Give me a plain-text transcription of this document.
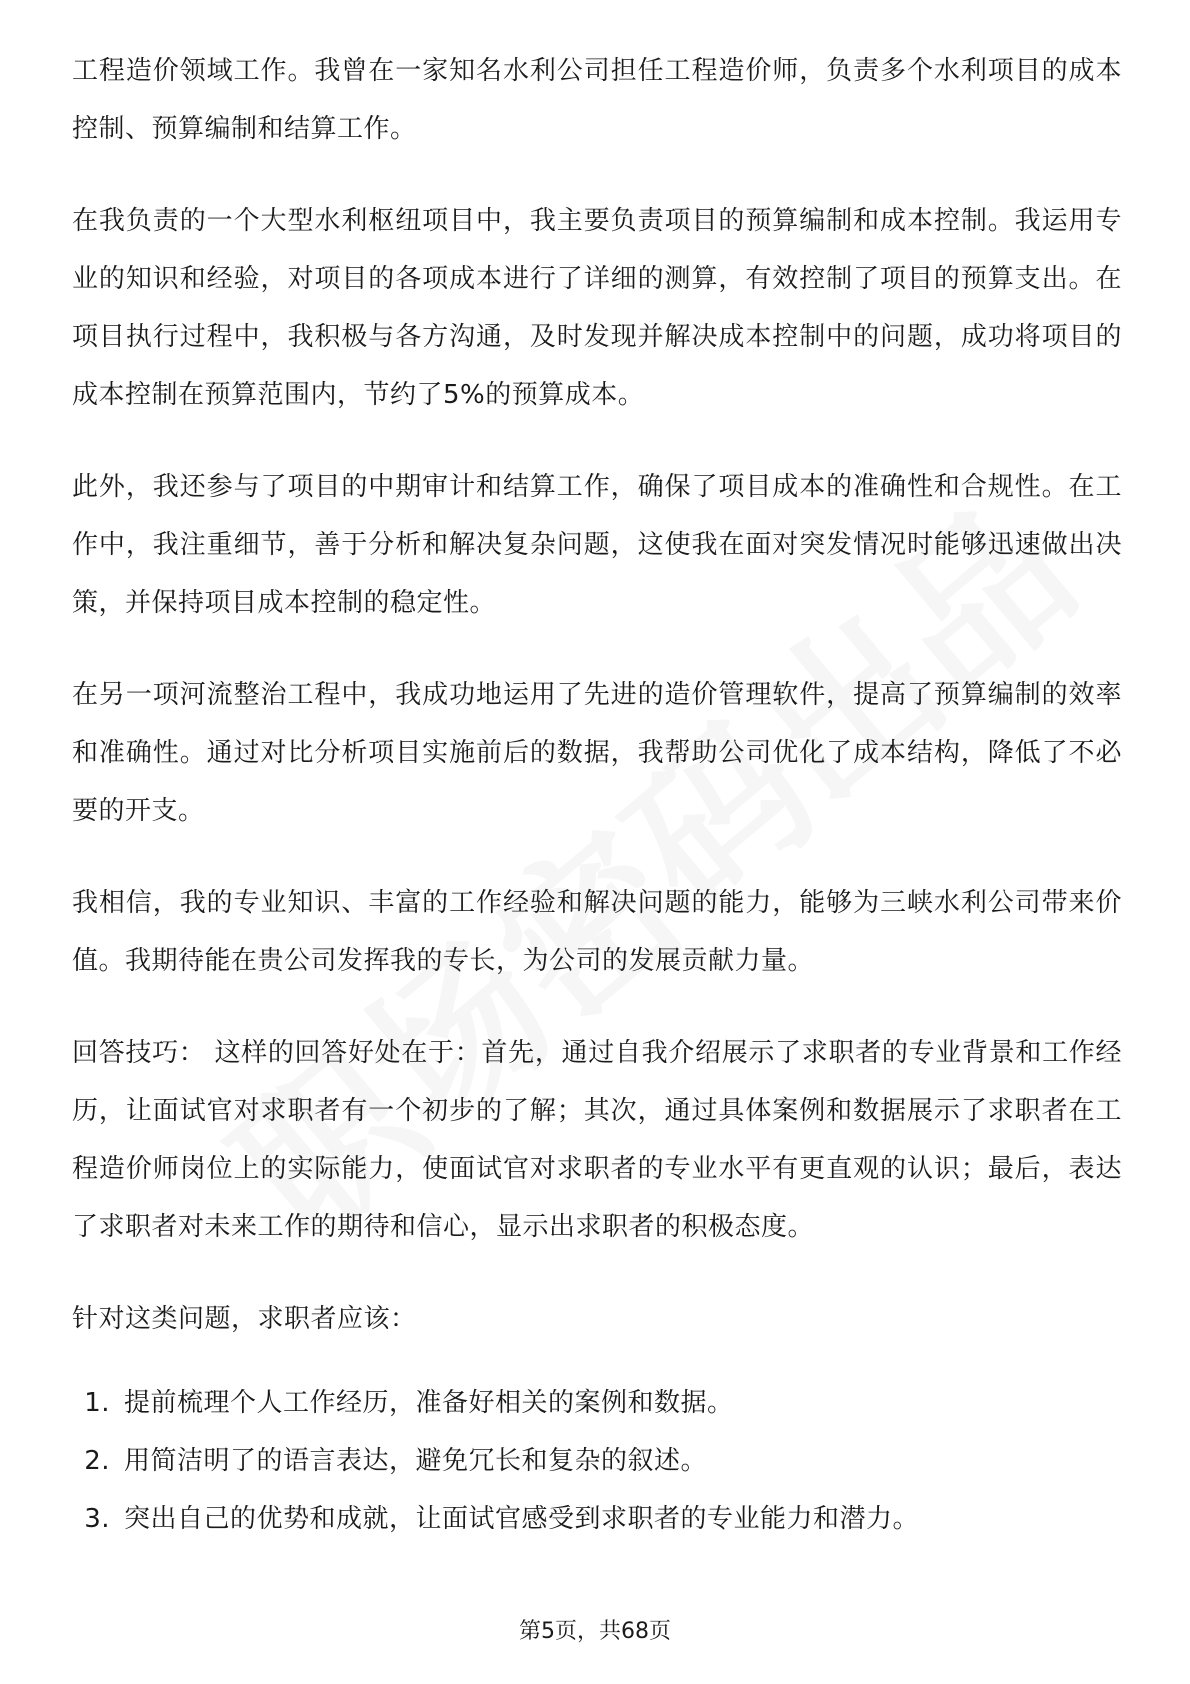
工程造价领域工作。我曾在一家知名水利公司担任工程造价师，负责多个水利项目的成本控制、预算编制和结算工作。

在我负责的一个大型水利枢纽项目中，我主要负责项目的预算编制和成本控制。我运用专业的知识和经验，对项目的各项成本进行了详细的测算，有效控制了项目的预算支出。在项目执行过程中，我积极与各方沟通，及时发现并解决成本控制中的问题，成功将项目的成本控制在预算范围内，节约了5%的预算成本。

此外，我还参与了项目的中期审计和结算工作，确保了项目成本的准确性和合规性。在工作中，我注重细节，善于分析和解决复杂问题，这使我在面对突发情况时能够迅速做出决策，并保持项目成本控制的稳定性。

在另一项河流整治工程中，我成功地运用了先进的造价管理软件，提高了预算编制的效率和准确性。通过对比分析项目实施前后的数据，我帮助公司优化了成本结构，降低了不必要的开支。

我相信，我的专业知识、丰富的工作经验和解决问题的能力，能够为三峡水利公司带来价值。我期待能在贵公司发挥我的专长，为公司的发展贡献力量。

回答技巧： 这样的回答好处在于：首先，通过自我介绍展示了求职者的专业背景和工作经历，让面试官对求职者有一个初步的了解；其次，通过具体案例和数据展示了求职者在工程造价师岗位上的实际能力，使面试官对求职者的专业水平有更直观的认识；最后，表达了求职者对未来工作的期待和信心，显示出求职者的积极态度。

针对这类问题，求职者应该：

1. 提前梳理个人工作经历，准备好相关的案例和数据。
2. 用简洁明了的语言表达，避免冗长和复杂的叙述。
3. 突出自己的优势和成就，让面试官感受到求职者的专业能力和潜力。
第5页，共68页
